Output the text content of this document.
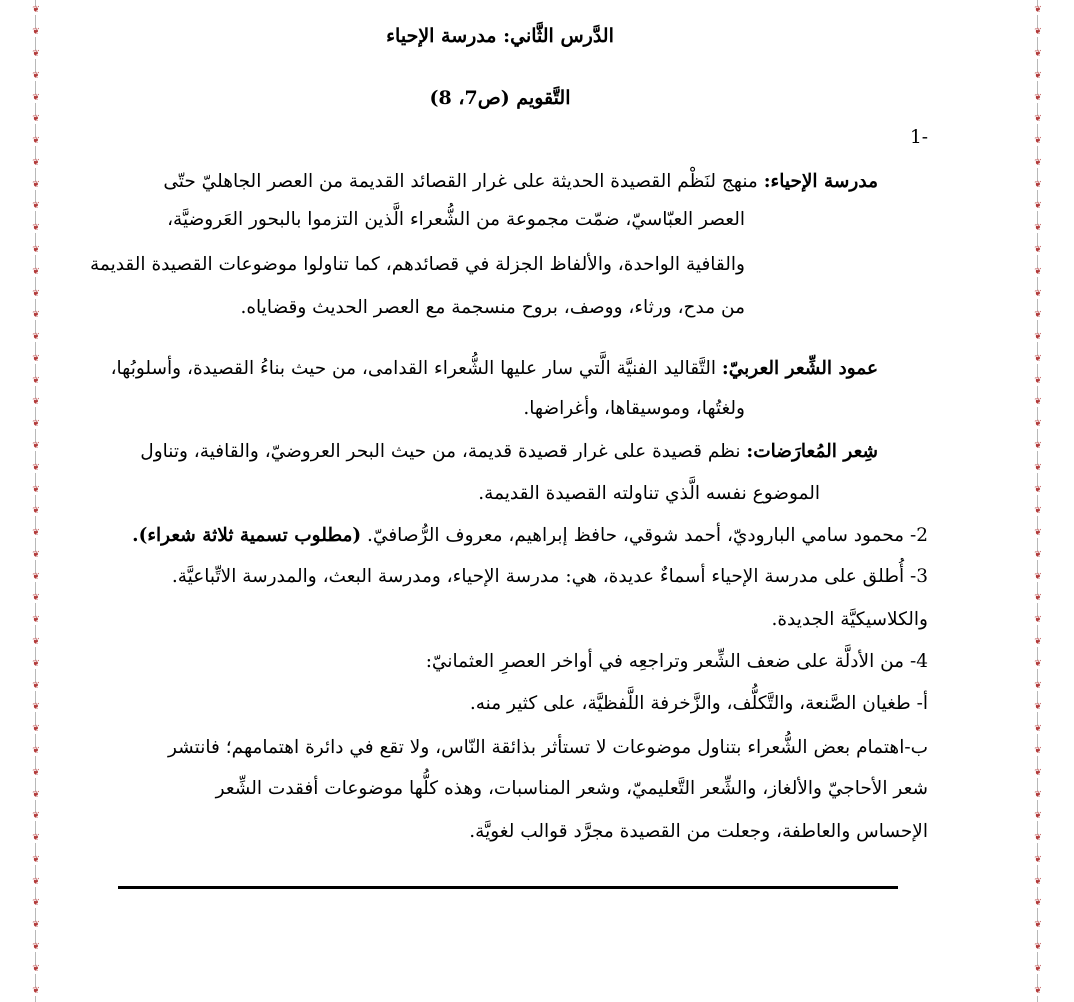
❦
❦
❦
❦
❦
❦
❦
❦
❦
❦
❦
❦
❦
❦
❦
❦
❦
❦
❦
❦
❦
❦
❦
❦
❦
❦
❦
❦
❦
❦
❦
❦
❦
❦
❦
❦
❦
❦
❦
❦
❦
❦
❦
❦
❦
❦
❦
❦
❦
❦
❦
❦
❦
❦
❦
❦
❦
❦
❦
❦
❦
❦
❦
❦
❦
❦
❦
❦
❦
❦
❦
❦
❦
❦
❦
❦
❦
❦
❦
❦
❦
❦
❦
❦
❦
❦
❦
❦
❦
❦
❦
❦
الدَّرس الثَّاني: مدرسة الإحياء
التَّقويم (ص7، 8)
1-
مدرسة الإحياء: منهج لنَظْم القصيدة الحديثة على غرار القصائد القديمة من العصر الجاهليّ حتّى
العصر العبّاسيّ، ضمّت مجموعة من الشُّعراء الَّذين التزموا بالبحور العَروضيَّة،
والقافية الواحدة، والألفاظ الجزلة في قصائدهم، كما تناولوا موضوعات القصيدة القديمة
من مدح، ورثاء، ووصف، بروح منسجمة مع العصر الحديث وقضاياه.
عمود الشِّعر العربيّ: التَّقاليد الفنيَّة الَّتي سار عليها الشُّعراء القدامى، من حيث بناءُ القصيدة، وأسلوبُها،
ولغتُها، وموسيقاها، وأغراضها.
شِعر المُعارَضات: نظم قصيدة على غرار قصيدة قديمة، من حيث البحر العروضيّ، والقافية، وتناول
الموضوع نفسه الَّذي تناولته القصيدة القديمة.
2- محمود سامي الباروديّ، أحمد شوقي، حافظ إبراهيم، معروف الرُّصافيّ. (مطلوب تسمية ثلاثة شعراء).
3- أُطلق على مدرسة الإحياء أسماءٌ عديدة، هي: مدرسة الإحياء، ومدرسة البعث، والمدرسة الاتِّباعيَّة.
والكلاسيكيَّة الجديدة.
4- من الأدلَّة على ضعف الشِّعر وتراجعِه في أواخر العصرِ العثمانيّ:
أ- طغيان الصَّنعة، والتَّكلُّف، والزَّخرفة اللَّفظيَّة، على كثير منه.
ب-اهتمام بعض الشُّعراء بتناول موضوعات لا تستأثر بذائقة النّاس، ولا تقع في دائرة اهتمامهم؛ فانتشر
شعر الأحاجيّ والألغاز، والشِّعر التَّعليميّ، وشعر المناسبات، وهذه كلُّها موضوعات أفقدت الشِّعر
الإحساس والعاطفة، وجعلت من القصيدة مجرَّد قوالب لغويَّة.
